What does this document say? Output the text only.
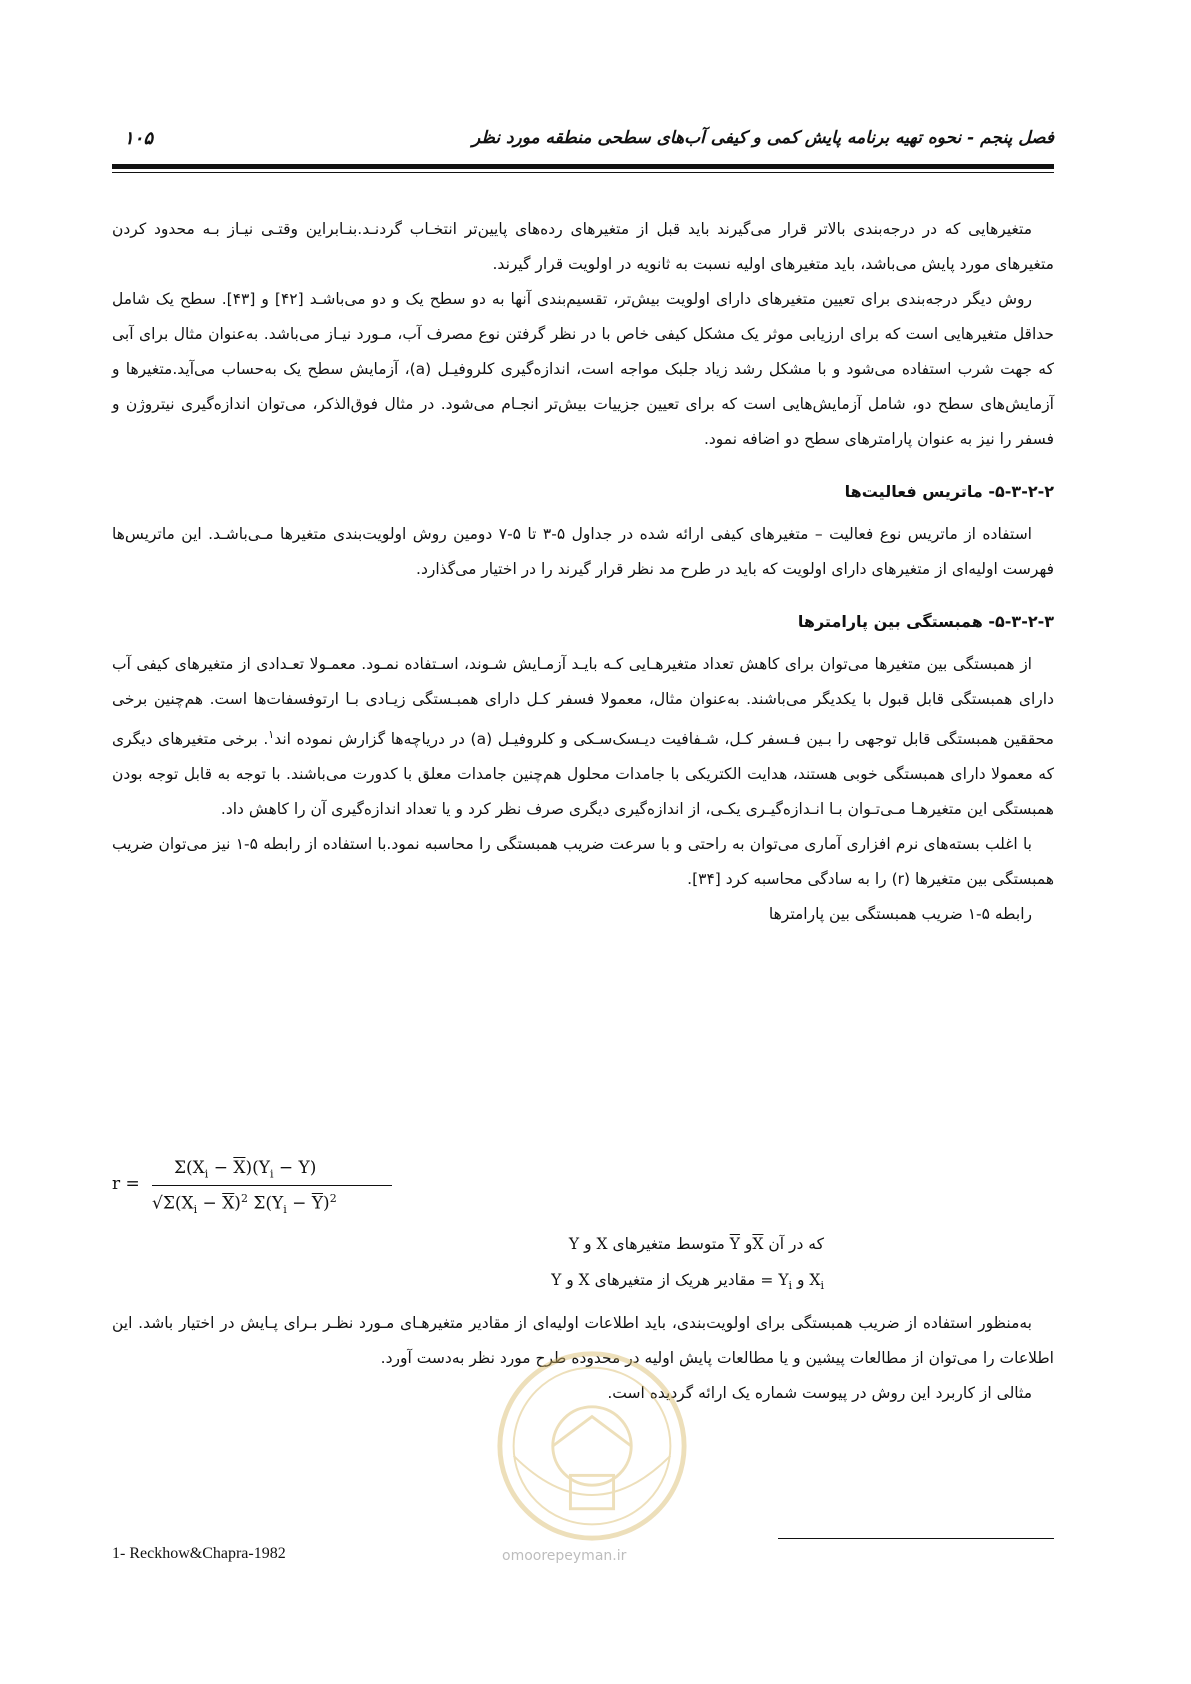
فصل پنجم - نحوه تهیه برنامه پایش کمی و کیفی آب‌های سطحی منطقه مورد نظر
۱۰۵

متغیرهایی که در درجه‌بندی بالاتر قرار می‌گیرند باید قبل از متغیرهای رده‌های پایین‌تر انتخـاب گردنـد.بنـابراین وقتـی نیـاز بـه محدود کردن متغیرهای مورد پایش می‌باشد، باید متغیرهای اولیه نسبت به ثانویه در اولویت قرار گیرند.

روش دیگر درجه‌بندی برای تعیین متغیرهای دارای اولویت بیش‌تر، تقسیم‌بندی آنها به دو سطح یک و دو می‌باشـد [۴۲] و [۴۳]. سطح یک شامل حداقل متغیرهایی است که برای ارزیابی موثر یک مشکل کیفی خاص با در نظر گرفتن نوع مصرف آب، مـورد نیـاز می‌باشد. به‌عنوان مثال برای آبی که جهت شرب استفاده می‌شود و با مشکل رشد زیاد جلبک مواجه است، اندازه‌گیری کلروفیـل (a)، آزمایش سطح یک به‌حساب می‌آید.متغیرها و آزمایش‌های سطح دو، شامل آزمایش‌هایی است که برای تعیین جزییات بیش‌تر انجـام می‌شود. در مثال فوق‌الذکر، می‌توان اندازه‌گیری نیتروژن و فسفر را نیز به عنوان پارامترهای سطح دو اضافه نمود.

۵-۳-۲-۲- ماتریس فعالیت‌ها

استفاده از ماتریس نوع فعالیت – متغیرهای کیفی ارائه شده در جداول ۵-۳ تا ۵-۷ دومین روش اولویت‌بندی متغیرها مـی‌باشـد. این ماتریس‌ها فهرست اولیه‌ای از متغیرهای دارای اولویت که باید در طرح مد نظر قرار گیرند را در اختیار می‌گذارد.

۵-۳-۲-۳- همبستگی بین پارامترها

از همبستگی بین متغیرها می‌توان برای کاهش تعداد متغیرهـایی کـه بایـد آزمـایش شـوند، اسـتفاده نمـود. معمـولا تعـدادی از متغیرهای کیفی آب دارای همبستگی قابل قبول با یکدیگر می‌باشند. به‌عنوان مثال، معمولا فسفر کـل دارای همبـستگی زیـادی بـا ارتوفسفات‌ها است. هم‌چنین برخی محققین همبستگی قابل توجهی را بـین فـسفر کـل، شـفافیت دیـسک‌سـکی و کلروفیـل (a) در دریاچه‌ها گزارش نموده اند$^۱$. برخی متغیرهای دیگری که معمولا دارای همبستگی خوبی هستند، هدایت الکتریکی با جامدات محلول هم‌چنین جامدات معلق با کدورت می‌باشند. با توجه به قابل توجه بودن همبستگی این متغیرهـا مـی‌تـوان بـا انـدازه‌گیـری یکـی، از اندازه‌گیری دیگری صرف نظر کرد و یا تعداد اندازه‌گیری آن را کاهش داد.

با اغلب بسته‌های نرم افزاری آماری می‌توان به راحتی و با سرعت ضریب همبستگی را محاسبه نمود.با استفاده از رابطه ۵-۱ نیز می‌توان ضریب همبستگی بین متغیرها (r) را به سادگی محاسبه کرد [۳۴].

رابطه ۵-۱ ضریب همبستگی بین پارامترها

r =
$\Sigma(X_i - \overline{X})(Y_i - Y)$
$√\Sigma(X_i - \overline{X})^2$ $\Sigma(Y_i - \overline{Y})^2$
که در آن $\overline{X}و$ $\overline{Y}$ متوسط متغیرهای X و Y
$X_i$ و $Y_i$ = مقادیر هریک از متغیرهای X و Y

به‌منظور استفاده از ضریب همبستگی برای اولویت‌بندی، باید اطلاعات اولیه‌ای از مقادیر متغیرهـای مـورد نظـر بـرای پـایش در اختیار باشد. این اطلاعات را می‌توان از مطالعات پیشین و یا مطالعات پایش اولیه در محدوده طرح مورد نظر به‌دست آورد.

مثالی از کاربرد این روش در پیوست شماره یک ارائه گردیده است.

1- Reckhow&Chapra-1982	omoorepeyman.ir
